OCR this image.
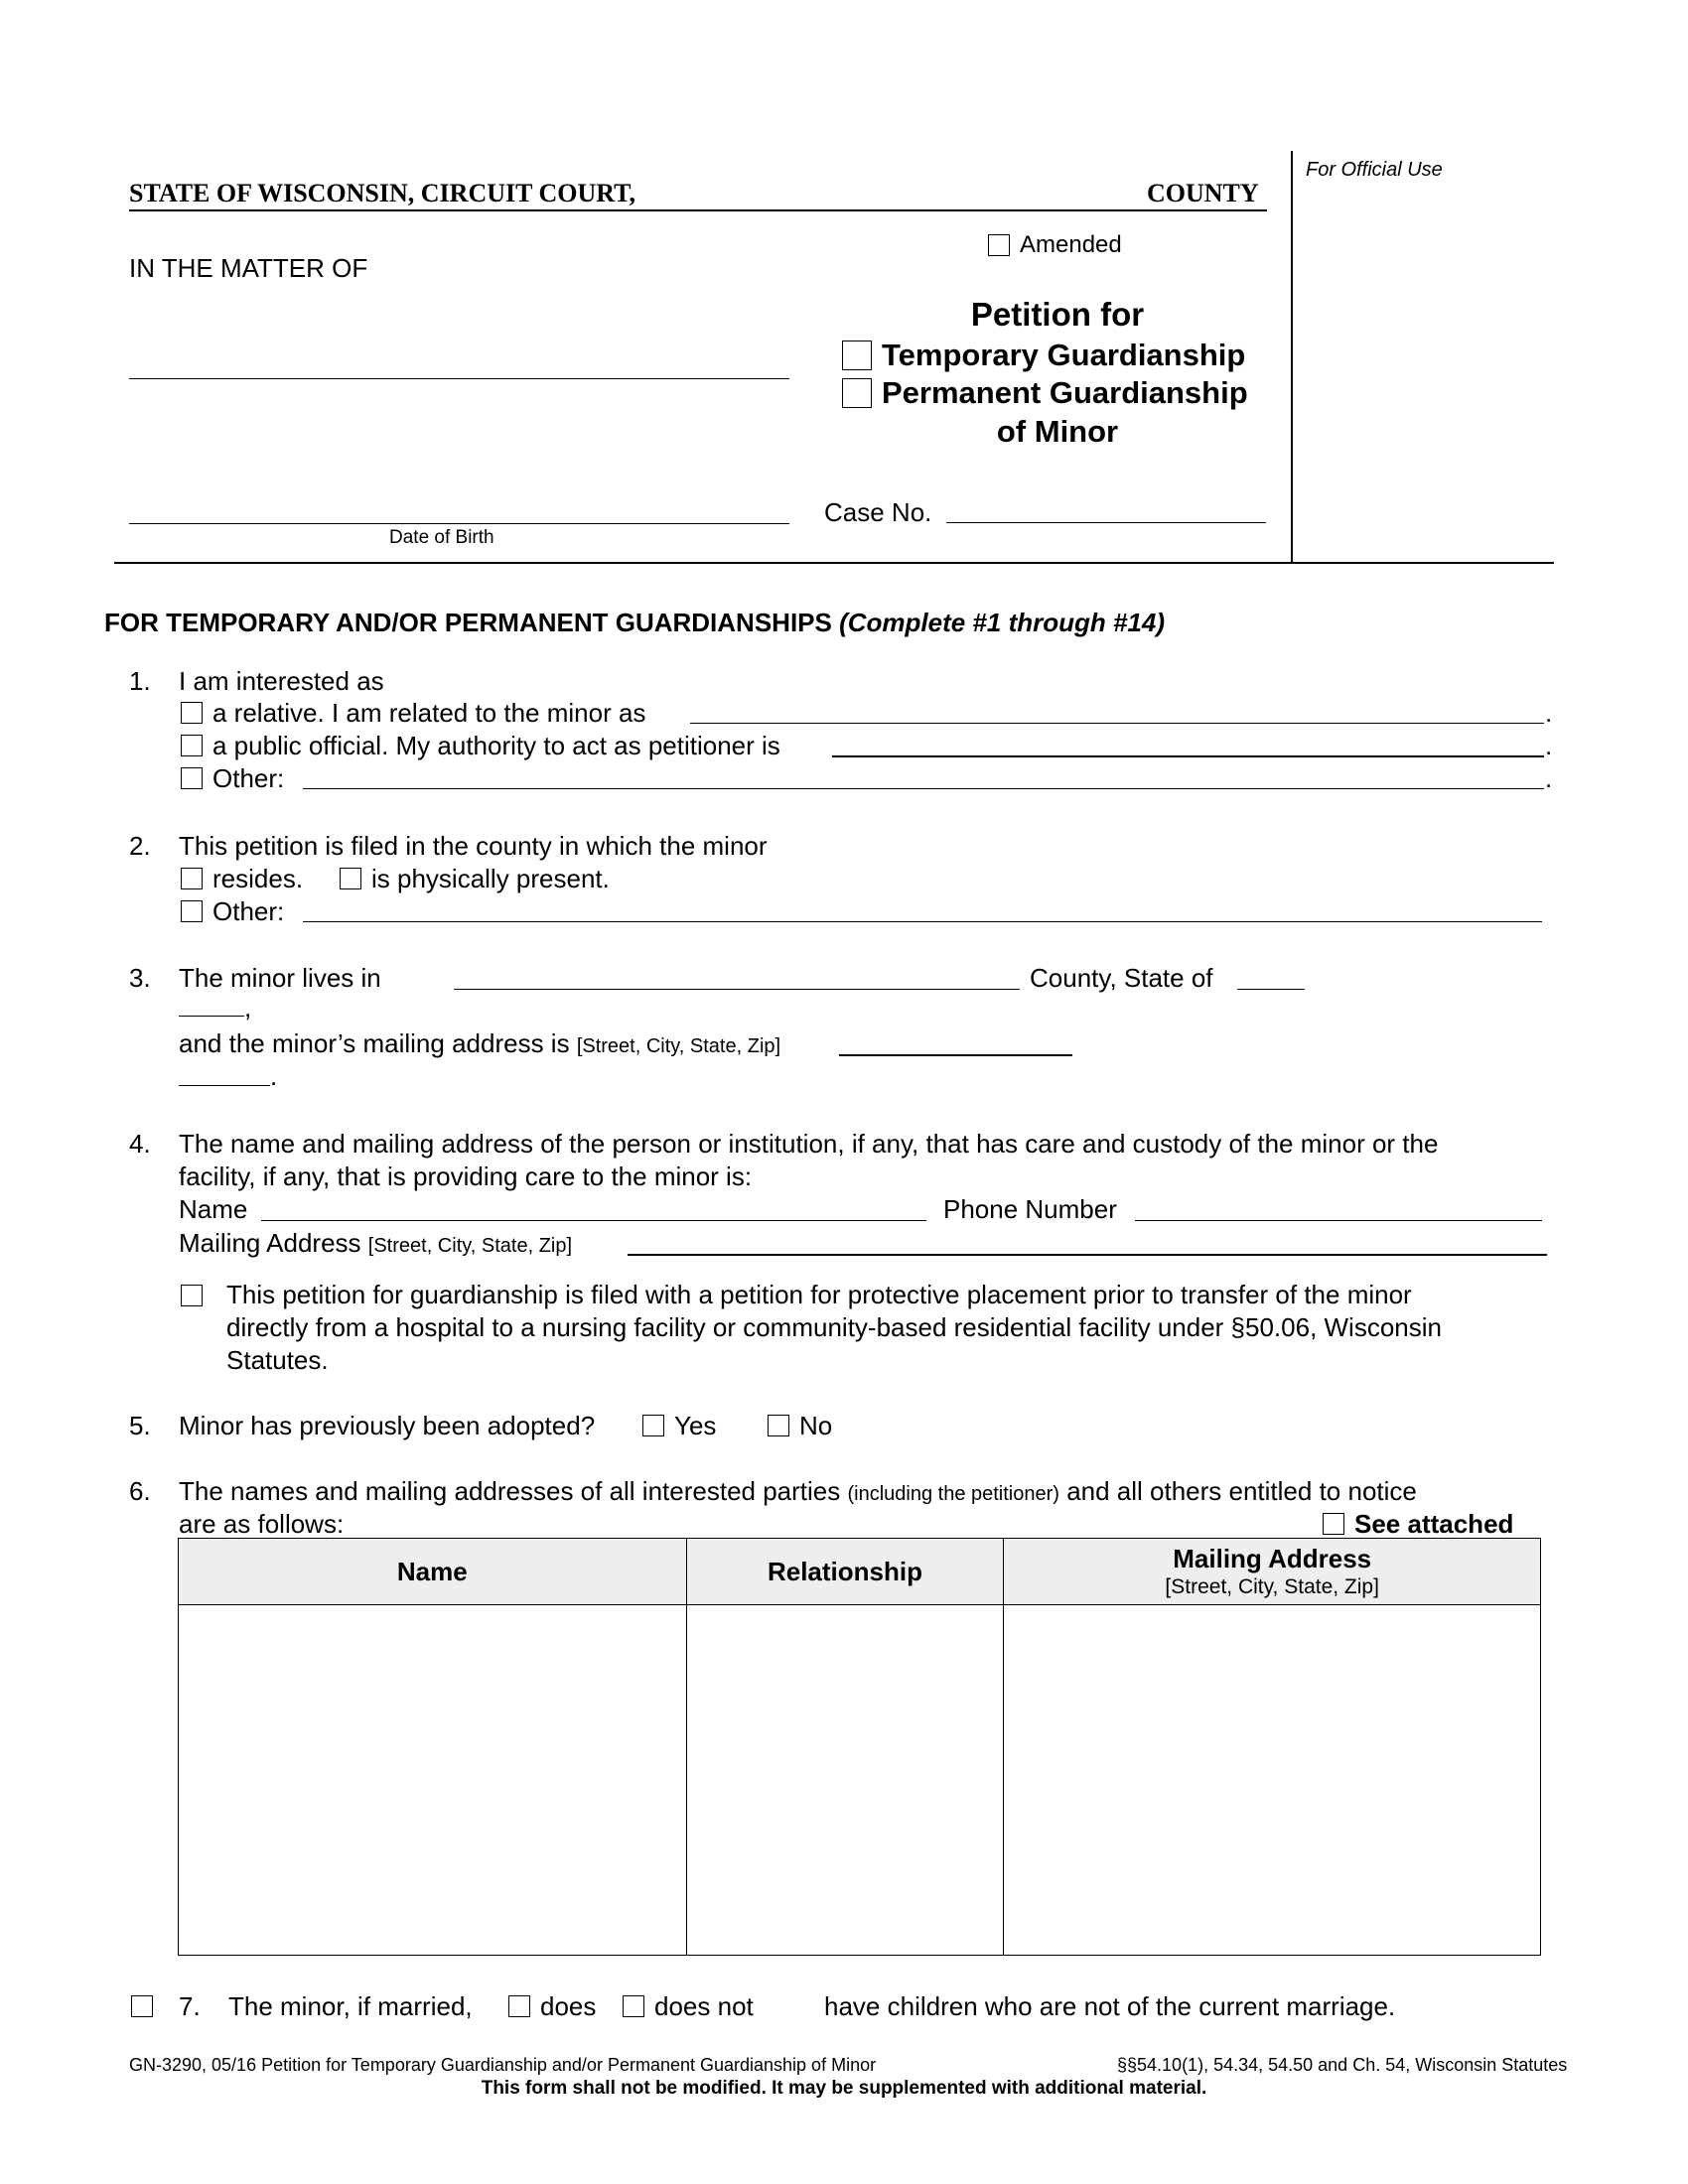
STATE OF WISCONSIN, CIRCUIT COURT,	COUNTY
For Official Use
Amended
IN THE MATTER OF
Date of Birth
Petition for
Temporary Guardianship
Permanent Guardianship
of Minor
Case No.
FOR TEMPORARY AND/OR PERMANENT GUARDIANSHIPS (Complete #1 through #14)
1. I am interested as
a relative. I am related to the minor as	.
a public official. My authority to act as petitioner is	.
Other:	.
2. This petition is filed in the county in which the minor
resides.	is physically present.
Other:
3. The minor lives in	County, State of
,
and the minor’s mailing address is [Street, City, State, Zip]
.
4. The name and mailing address of the person or institution, if any, that has care and custody of the minor or the
facility, if any, that is providing care to the minor is:
Name	Phone Number
Mailing Address [Street, City, State, Zip]
This petition for guardianship is filed with a petition for protective placement prior to transfer of the minor
directly from a hospital to a nursing facility or community-based residential facility under §50.06, Wisconsin
Statutes.
5. Minor has previously been adopted?	Yes	No
6. The names and mailing addresses of all interested parties (including the petitioner) and all others entitled to notice
are as follows:	See attached
Name	Relationship	Mailing Address
[Street, City, State, Zip]

7. The minor, if married,	does does not	have children who are not of the current marriage.
GN-3290, 05/16 Petition for Temporary Guardianship and/or Permanent Guardianship of Minor	§§54.10(1), 54.34, 54.50 and Ch. 54, Wisconsin Statutes
This form shall not be modified. It may be supplemented with additional material.
